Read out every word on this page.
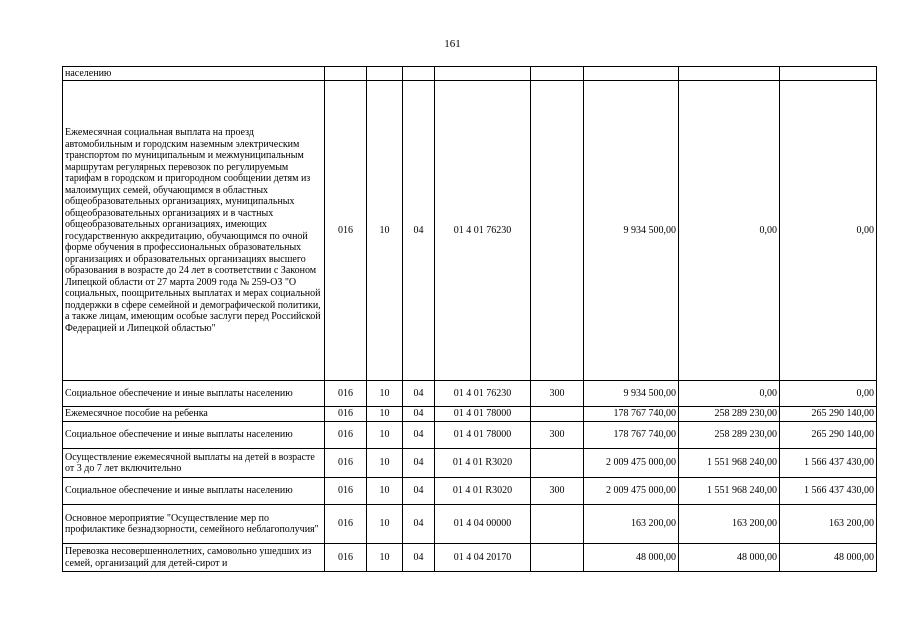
161
населению								
Ежемесячная социальная выплата на проезд автомобильным и городским наземным электрическим транспортом по муниципальным и межмуниципальным маршрутам регулярных перевозок по регулируемым тарифам в городском и пригородном сообщении детям из малоимущих семей, обучающимся в областных общеобразовательных организациях, муниципальных общеобразовательных организациях и в частных общеобразовательных организациях, имеющих государственную аккредитацию, обучающимся по очной форме обучения в профессиональных образовательных организациях и образовательных организациях высшего образования в возрасте до 24 лет в соответствии с Законом Липецкой области от 27 марта 2009 года № 259-ОЗ "О социальных, поощрительных выплатах и мерах социальной поддержки в сфере семейной и демографической политики, а также лицам, имеющим особые заслуги перед Российской Федерацией и Липецкой областью"	016	10	04	01 4 01 76230		9 934 500,00	0,00	0,00
Социальное обеспечение и иные выплаты населению	016	10	04	01 4 01 76230	300	9 934 500,00	0,00	0,00
Ежемесячное пособие на ребенка	016	10	04	01 4 01 78000		178 767 740,00	258 289 230,00	265 290 140,00
Социальное обеспечение и иные выплаты населению	016	10	04	01 4 01 78000	300	178 767 740,00	258 289 230,00	265 290 140,00
Осуществление ежемесячной выплаты на детей в возрасте от 3 до 7 лет включительно	016	10	04	01 4 01 R3020		2 009 475 000,00	1 551 968 240,00	1 566 437 430,00
Социальное обеспечение и иные выплаты населению	016	10	04	01 4 01 R3020	300	2 009 475 000,00	1 551 968 240,00	1 566 437 430,00
Основное мероприятие "Осуществление мер по профилактике безнадзорности, семейного неблагополучия"	016	10	04	01 4 04 00000		163 200,00	163 200,00	163 200,00
Перевозка несовершеннолетних, самовольно ушедших из семей, организаций для детей-сирот и	016	10	04	01 4 04 20170		48 000,00	48 000,00	48 000,00
